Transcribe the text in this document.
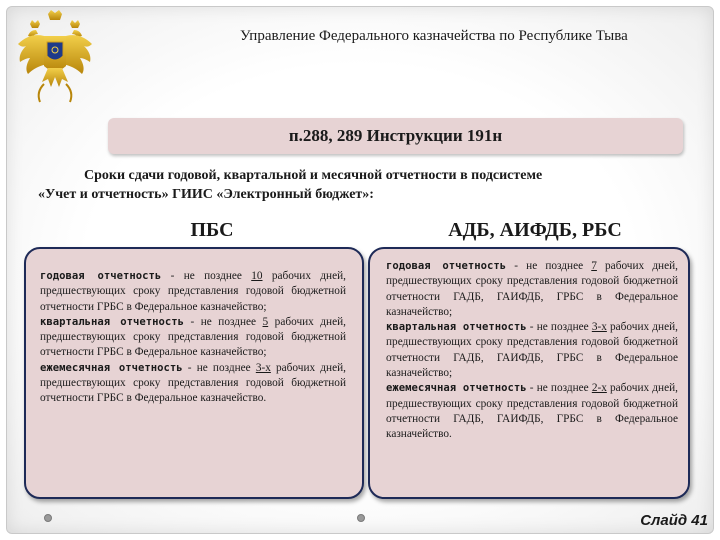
Управление Федерального казначейства по Республике Тыва
п.288, 289 Инструкции 191н
Сроки сдачи годовой, квартальной и месячной отчетности в подсистеме
«Учет и отчетность» ГИИС «Электронный бюджет»:
ПБС	АДБ, АИФДБ, РБС

годовая отчетность - не позднее 10 рабочих дней, предшествующих сроку представления годовой бюджетной отчетности ГРБС в Федеральное казначейство;

квартальная отчетность - не позднее 5 рабочих дней, предшествующих сроку представления годовой бюджетной отчетности ГРБС в Федеральное казначейство;

ежемесячная отчетность - не позднее 3-х рабочих дней, предшествующих сроку представления годовой бюджетной отчетности ГРБС в Федеральное казначейство.

годовая отчетность - не позднее 7 рабочих дней, предшествующих сроку представления годовой бюджетной отчетности ГАДБ, ГАИФДБ, ГРБС в Федеральное казначейство;

квартальная отчетность - не позднее 3-х рабочих дней, предшествующих сроку представления годовой бюджетной отчетности ГАДБ, ГАИФДБ, ГРБС в Федеральное казначейство;

ежемесячная отчетность - не позднее 2-х рабочих дней, предшествующих сроку представления годовой бюджетной отчетности ГАДБ, ГАИФДБ, ГРБС в Федеральное казначейство.

Слайд 41
